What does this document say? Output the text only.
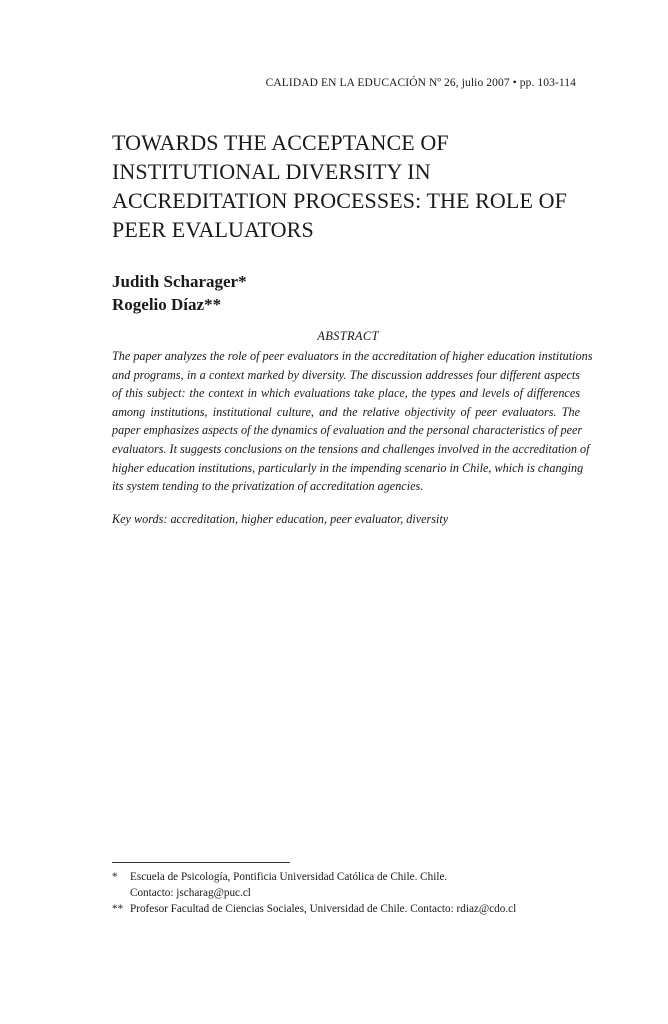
CALIDAD EN LA EDUCACIÓN Nº 26, julio 2007 • pp. 103-114
TOWARDS THE ACCEPTANCE OF
INSTITUTIONAL DIVERSITY IN
ACCREDITATION PROCESSES: THE ROLE OF
PEER EVALUATORS
Judith Scharager*
Rogelio Díaz**
ABSTRACT
The paper analyzes the role of peer evaluators in the accreditation of higher education institutions
and programs, in a context marked by diversity. The discussion addresses four different aspects
of this subject: the context in which evaluations take place, the types and levels of differences
among institutions, institutional culture, and the relative objectivity of peer evaluators. The
paper emphasizes aspects of the dynamics of evaluation and the personal characteristics of peer
evaluators. It suggests conclusions on the tensions and challenges involved in the accreditation of
higher education institutions, particularly in the impending scenario in Chile, which is changing
its system tending to the privatization of accreditation agencies.
Key words: accreditation, higher education, peer evaluator, diversity
* Escuela de Psicología, Pontificia Universidad Católica de Chile. Chile.
Contacto: jscharag@puc.cl
** Profesor Facultad de Ciencias Sociales, Universidad de Chile. Contacto: rdiaz@cdo.cl
